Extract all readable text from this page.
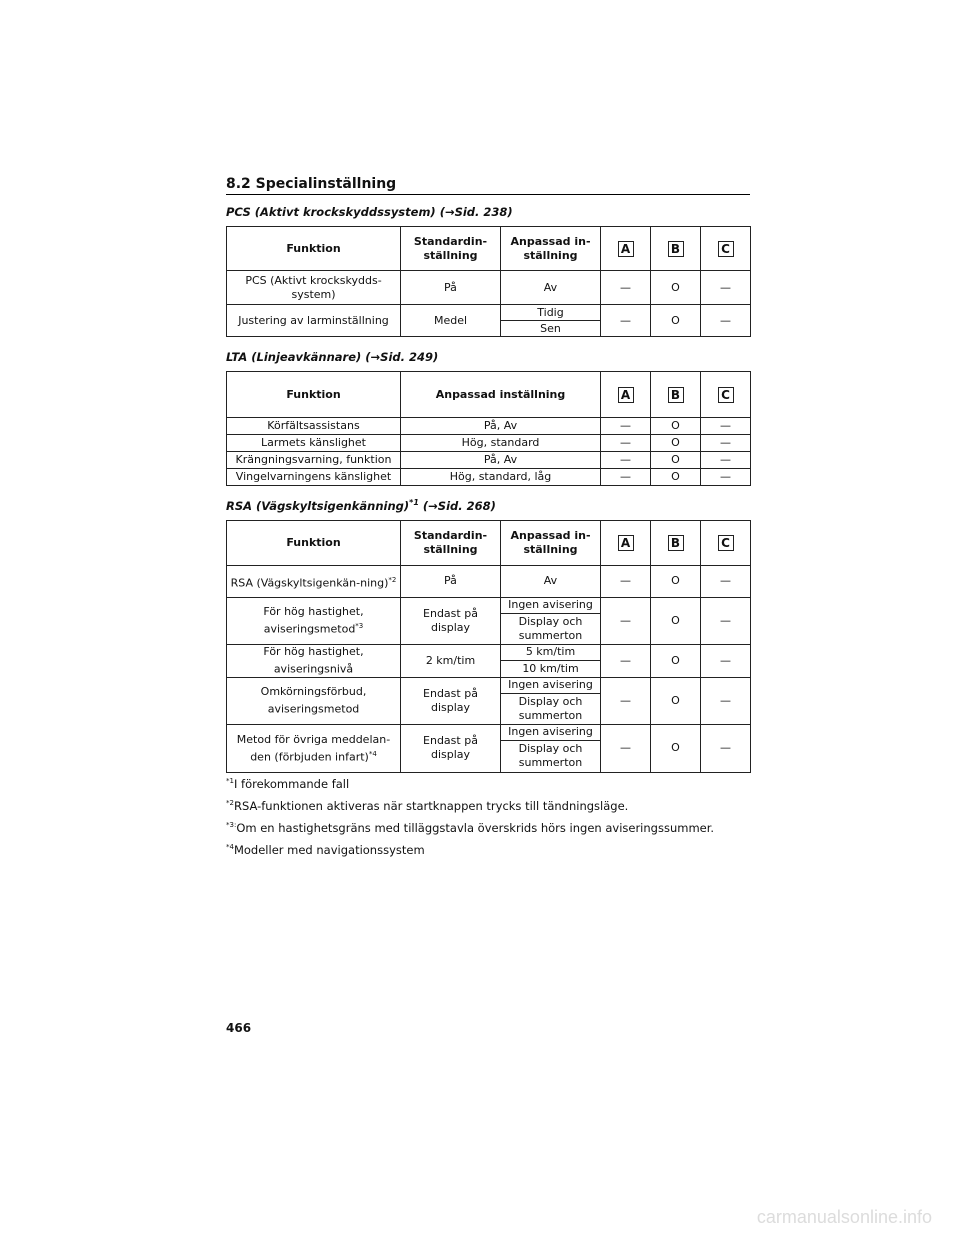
8.2 Specialinställning
PCS (Aktivt krockskyddssystem) (→Sid. 238)
Funktion	Standardin-ställning	Anpassad in-ställning	A	B	C
PCS (Aktivt krockskydds-system)	På	Av	—	O	—
Justering av larminställning	Medel	Tidig	—	O	—
		Sen			
LTA (Linjeavkännare) (→Sid. 249)
Funktion	Anpassad inställning	A	B	C
Körfältsassistans	På, Av	—	O	—
Larmets känslighet	Hög, standard	—	O	—
Krängningsvarning, funktion	På, Av	—	O	—
Vingelvarningens känslighet	Hög, standard, låg	—	O	—
RSA (Vägskyltsigenkänning)$^{*1}$ (→Sid. 268)
Funktion	Standardin-ställning	Anpassad in-ställning	A	B	C
RSA (Vägskyltsigenkän-ning)$^{*2}$	På	Av	—	O	—
För hög hastighet, aviseringsmetod$^{*3}$	Endast på display	Ingen avisering	—	O	—
		Display och summerton			
För hög hastighet, aviseringsnivå	2 km/tim	5 km/tim	—	O	—
		10 km/tim			
Omkörningsförbud, aviseringsmetod	Endast på display	Ingen avisering	—	O	—
		Display och summerton			
Metod för övriga meddelan-den (förbjuden infart)$^{*4}$	Endast på display	Ingen avisering	—	O	—
		Display och summerton			
$^{*1}$I förekommande fall
$^{*2}$RSA-funktionen aktiveras när startknappen trycks till tändningsläge.
$^{*3:}$Om en hastighetsgräns med tilläggstavla överskrids hörs ingen aviseringssummer.
$^{*4}$Modeller med navigationssystem
466
carmanualsonline.info
